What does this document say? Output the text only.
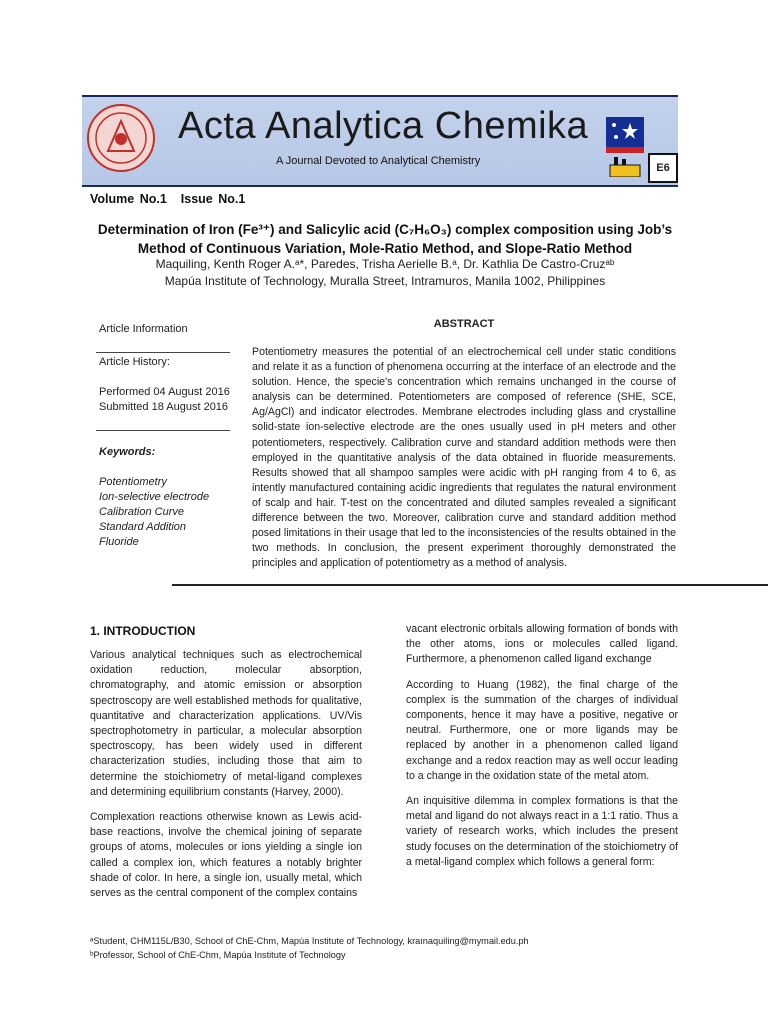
Acta Analytica Chemika
A Journal Devoted to Analytical Chemistry
E6
Volume No.1 Issue No.1
Determination of Iron (Fe³⁺) and Salicylic acid (C₇H₆O₃) complex composition using Job’s Method of Continuous Variation, Mole-Ratio Method, and Slope-Ratio Method
Maquiling, Kenth Roger A.ᵃ*, Paredes, Trisha Aerielle B.ᵃ, Dr. Kathlia De Castro-Cruzᵃᵇ
Mapúa Institute of Technology, Muralla Street, Intramuros, Manila 1002, Philippines
Article Information
Article History:
Performed 04 August 2016
Submitted 18 August 2016
Keywords:
Potentiometry
Ion-selective electrode
Calibration Curve
Standard Addition
Fluoride
ABSTRACT

Potentiometry measures the potential of an electrochemical cell under static conditions and relate it as a function of phenomena occurring at the interface of an electrode and the solution. Hence, the specie's concentration which remains unchanged in the course of analysis can be determined. Potentiometers are composed of reference (SHE, SCE, Ag/AgCl) and indicator electrodes. Membrane electrodes including glass and crystalline solid-state ion-selective electrode are the ones usually used in pH meters and other potentiometers, respectively. Calibration curve and standard addition methods were then employed in the quantitative analysis of the data obtained in fluoride measurements. Results showed that all shampoo samples were acidic with pH ranging from 4 to 6, as intently manufactured containing acidic ingredients that regulates the natural environment of scalp and hair. T-test on the concentrated and diluted samples revealed a significant difference between the two. Moreover, calibration curve and standard addition method posed limitations in their usage that led to the inconsistencies of the results obtained in the two methods. In conclusion, the present experiment thoroughly demonstrated the principles and application of potentiometry as a method of analysis.

1. INTRODUCTION

Various analytical techniques such as electrochemical oxidation reduction, molecular absorption, chromatography, and atomic emission or absorption spectroscopy are well established methods for qualitative, quantitative and characterization applications. UV/Vis spectrophotometry in particular, a molecular absorption spectroscopy, has been widely used in different characterization studies, including those that aim to determine the stoichiometry of metal-ligand complexes and determining equilibrium constants (Harvey, 2000).

Complexation reactions otherwise known as Lewis acid-base reactions, involve the chemical joining of separate groups of atoms, molecules or ions yielding a single ion called a complex ion, which features a notably brighter shade of color. In here, a single ion, usually metal, which serves as the central component of the complex contains

vacant electronic orbitals allowing formation of bonds with the other atoms, ions or molecules called ligand. Furthermore, a phenomenon called ligand exchange

According to Huang (1982), the final charge of the complex is the summation of the charges of individual components, hence it may have a positive, negative or neutral. Furthermore, one or more ligands may be replaced by another in a phenomenon called ligand exchange and a redox reaction may as well occur leading to a change in the oxidation state of the metal atom.

An inquisitive dilemma in complex formations is that the metal and ligand do not always react in a 1:1 ratio. Thus a variety of research works, which includes the present study focuses on the determination of the stoichiometry of a metal-ligand complex which follows a general form:

ᵃStudent, CHM115L/B30, School of ChE-Chm, Mapúa Institute of Technology, kraınaquiling@mymail.edu.ph
ᵇProfessor, School of ChE-Chm, Mapúa Institute of Technology
